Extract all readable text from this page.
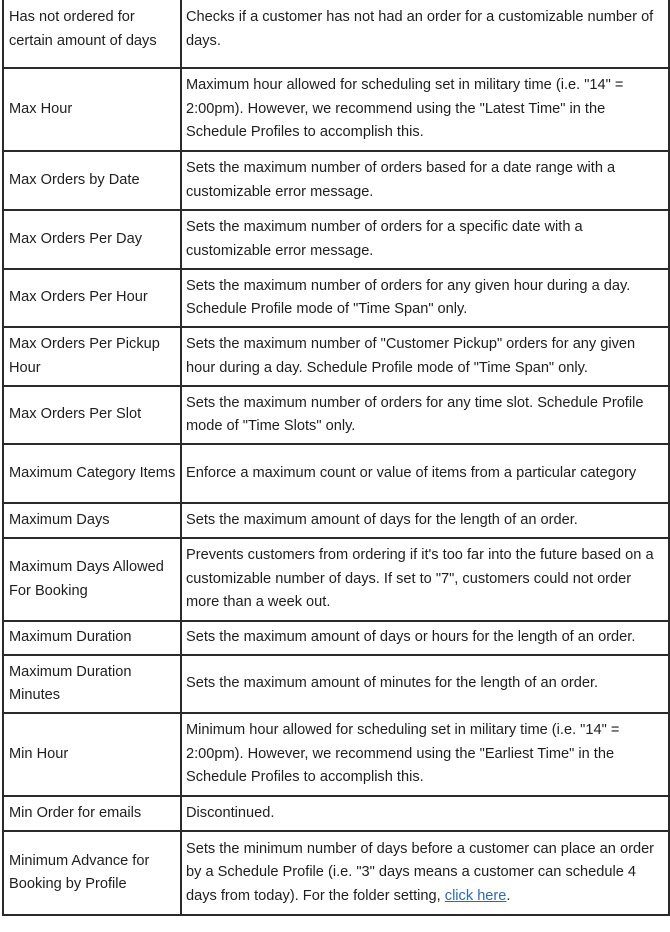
Has not ordered for certain amount of days	Checks if a customer has not had an order for a customizable number of days.
Max Hour	Maximum hour allowed for scheduling set in military time (i.e. "14" = 2:00pm). However, we recommend using the "Latest Time" in the Schedule Profiles to accomplish this.
Max Orders by Date	Sets the maximum number of orders based for a date range with a customizable error message.
Max Orders Per Day	Sets the maximum number of orders for a specific date with a customizable error message.
Max Orders Per Hour	Sets the maximum number of orders for any given hour during a day. Schedule Profile mode of "Time Span" only.
Max Orders Per Pickup Hour	Sets the maximum number of "Customer Pickup" orders for any given hour during a day. Schedule Profile mode of "Time Span" only.
Max Orders Per Slot	Sets the maximum number of orders for any time slot. Schedule Profile mode of "Time Slots" only.
Maximum Category Items	Enforce a maximum count or value of items from a particular category
Maximum Days	Sets the maximum amount of days for the length of an order.
Maximum Days Allowed For Booking	Prevents customers from ordering if it's too far into the future based on a customizable number of days. If set to "7", customers could not order more than a week out.
Maximum Duration	Sets the maximum amount of days or hours for the length of an order.
Maximum Duration Minutes	Sets the maximum amount of minutes for the length of an order.
Min Hour	Minimum hour allowed for scheduling set in military time (i.e. "14" = 2:00pm). However, we recommend using the "Earliest Time" in the Schedule Profiles to accomplish this.
Min Order for emails	Discontinued.
Minimum Advance for Booking by Profile	Sets the minimum number of days before a customer can place an order by a Schedule Profile (i.e. "3" days means a customer can schedule 4 days from today). For the folder setting, click here.
